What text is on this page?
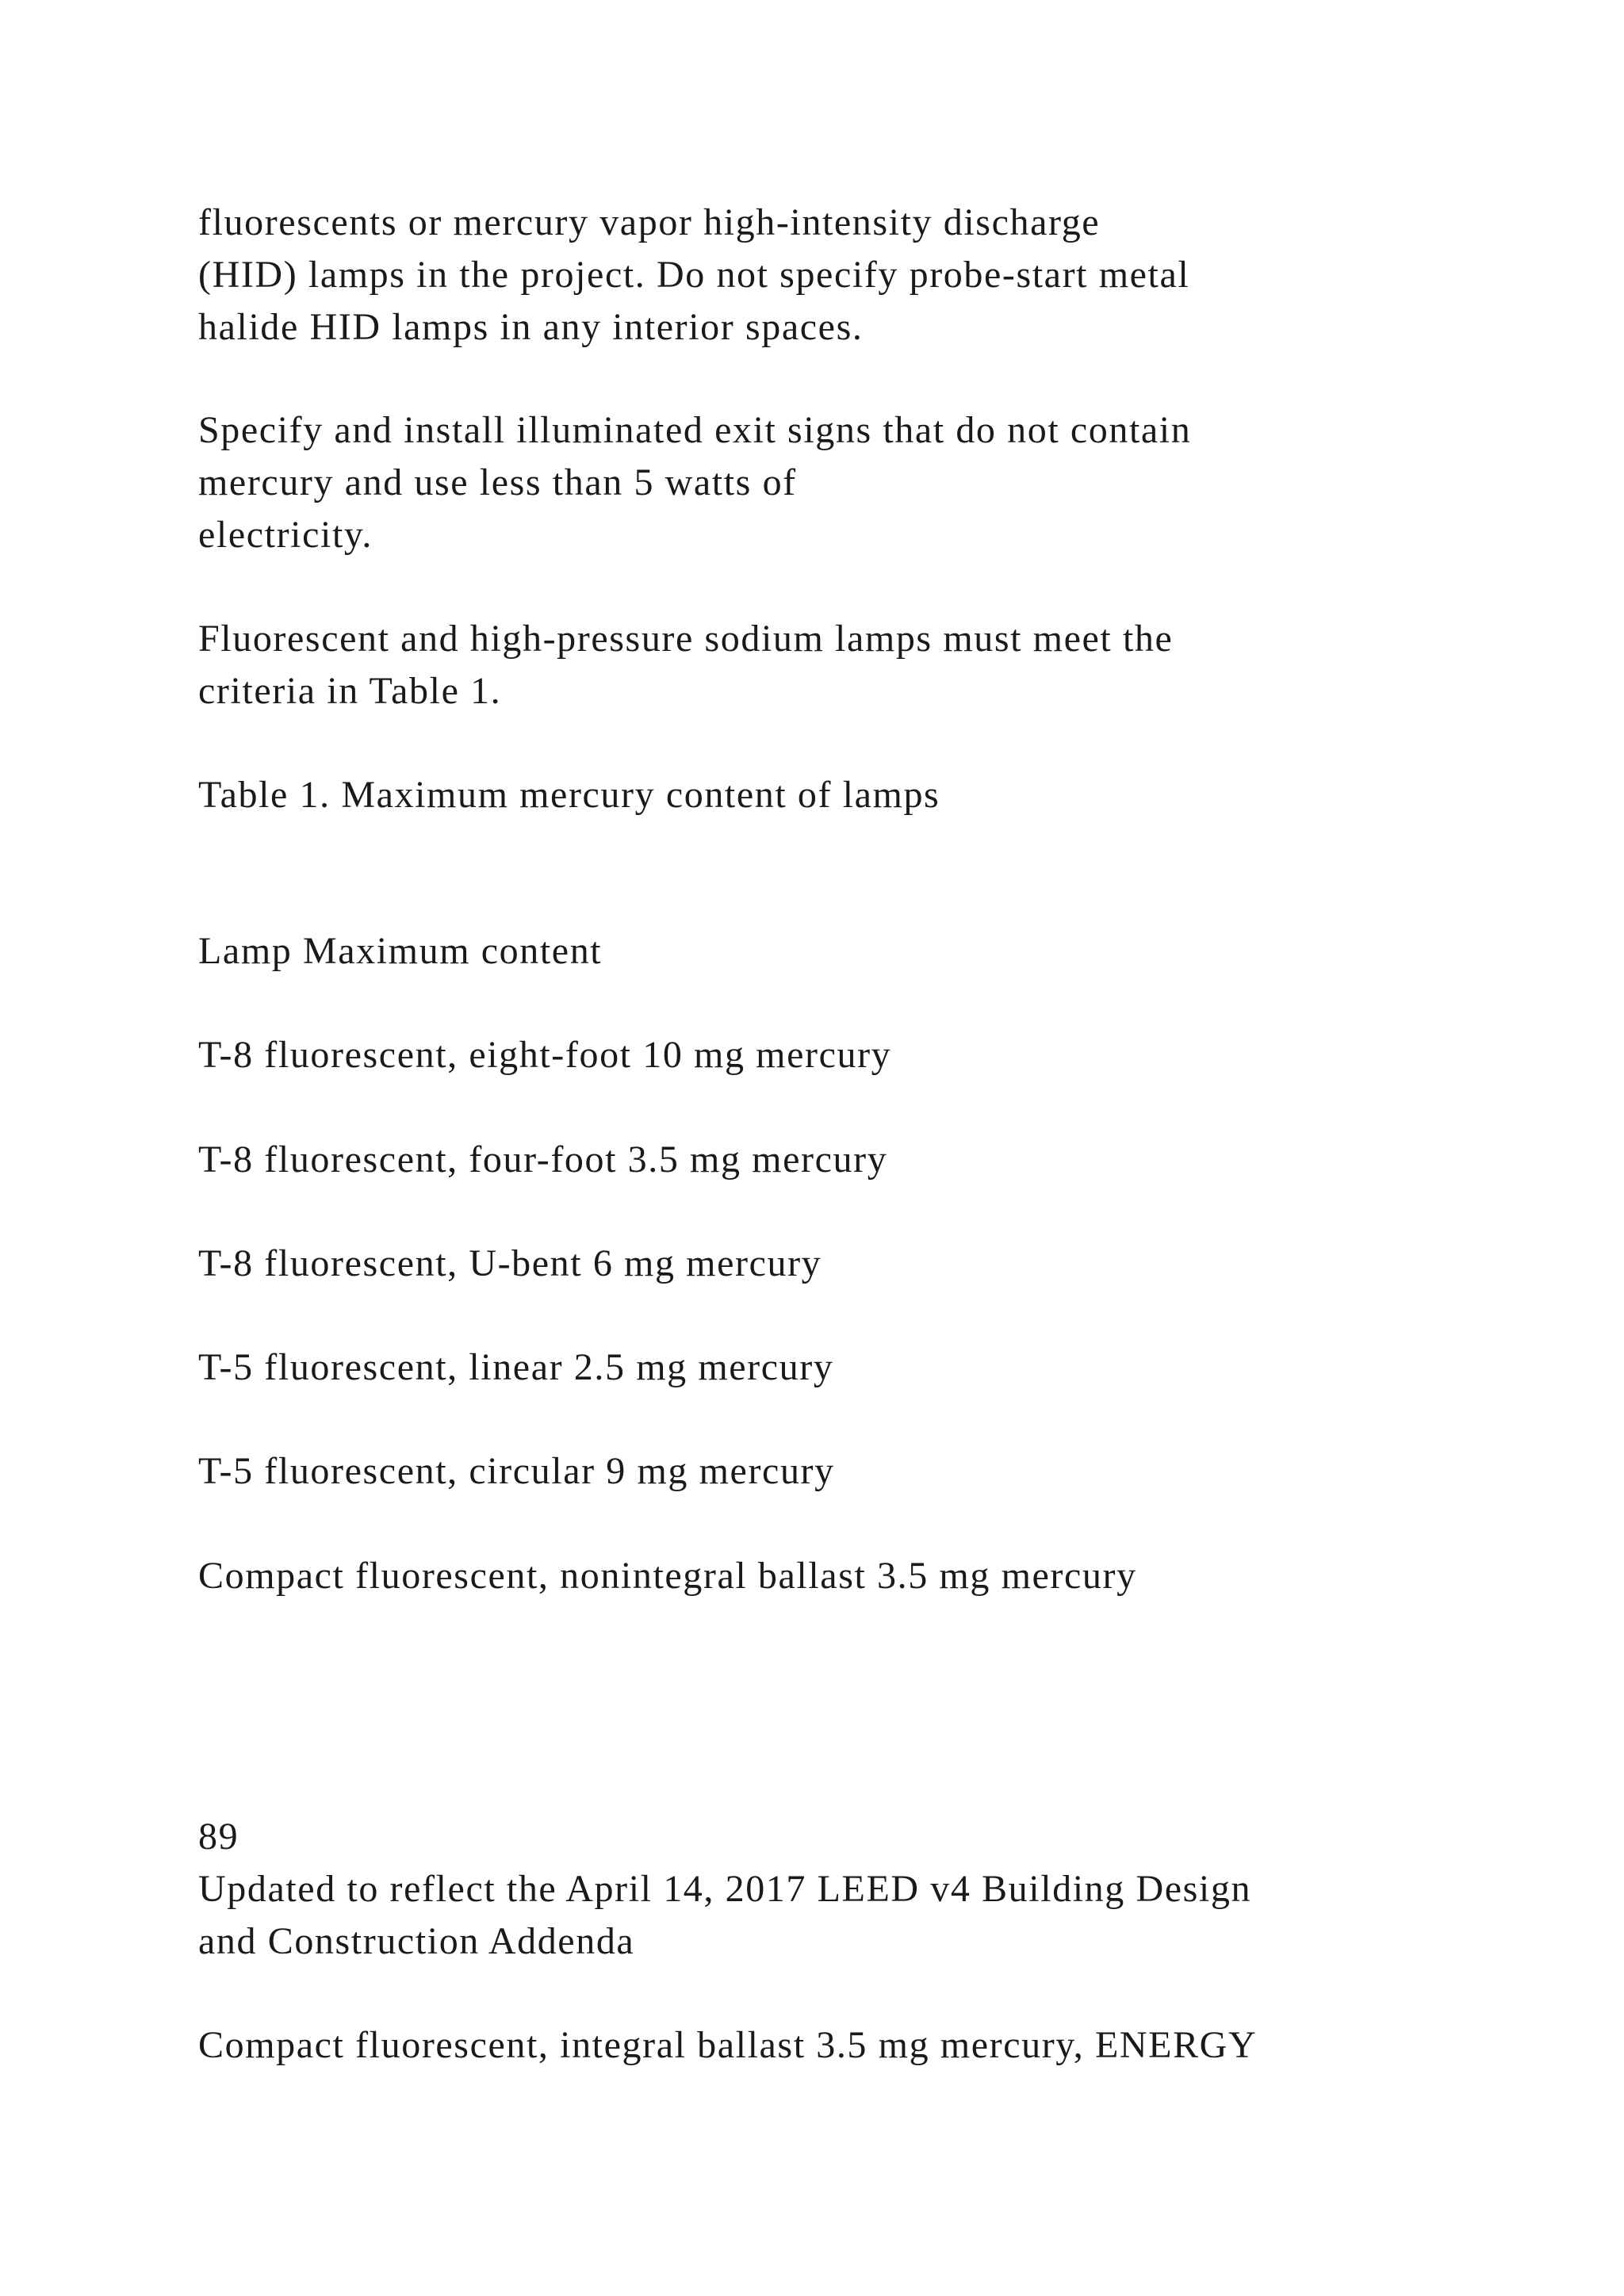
fluorescents or mercury vapor high-intensity discharge

(HID) lamps in the project. Do not specify probe-start metal

halide HID lamps in any interior spaces.

Specify and install illuminated exit signs that do not contain

mercury and use less than 5 watts of

electricity.

Fluorescent and high-pressure sodium lamps must meet the

criteria in Table 1.

Table 1. Maximum mercury content of lamps

Lamp Maximum content

T-8 fluorescent, eight-foot 10 mg mercury

T-8 fluorescent, four-foot 3.5 mg mercury

T-8 fluorescent, U-bent 6 mg mercury

T-5 fluorescent, linear 2.5 mg mercury

T-5 fluorescent, circular 9 mg mercury

Compact fluorescent, nonintegral ballast 3.5 mg mercury

89

Updated to reflect the April 14, 2017 LEED v4 Building Design

and Construction Addenda

Compact fluorescent, integral ballast 3.5 mg mercury, ENERGY
